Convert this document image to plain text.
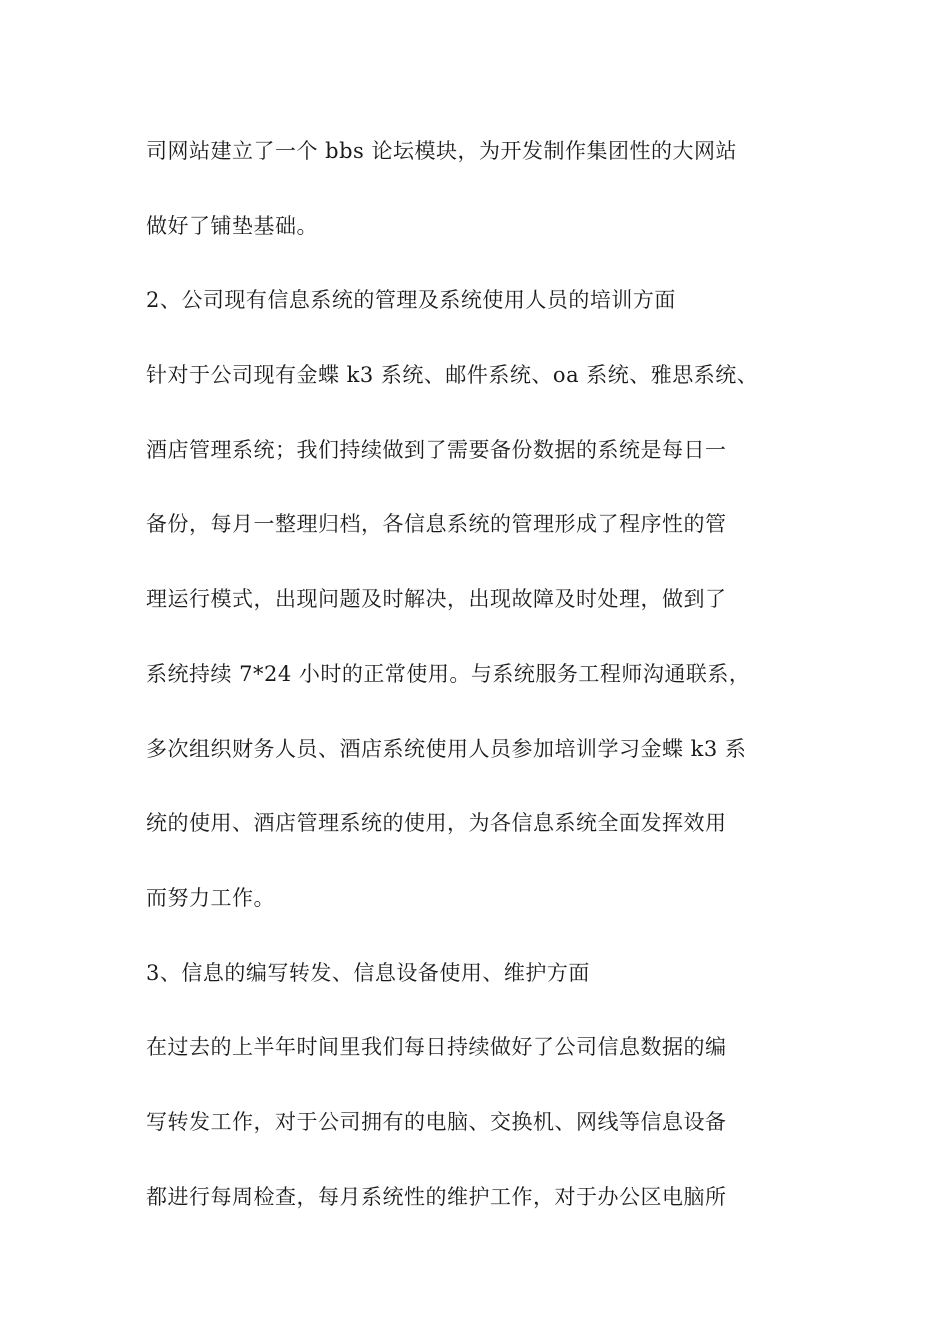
司网站建立了一个 bbs 论坛模块，为开发制作集团性的大网站
做好了铺垫基础。
2、公司现有信息系统的管理及系统使用人员的培训方面
针对于公司现有金蝶 k3 系统、邮件系统、oa 系统、雅思系统、
酒店管理系统；我们持续做到了需要备份数据的系统是每日一
备份，每月一整理归档，各信息系统的管理形成了程序性的管
理运行模式，出现问题及时解决，出现故障及时处理，做到了
系统持续 7*24 小时的正常使用。与系统服务工程师沟通联系，
多次组织财务人员、酒店系统使用人员参加培训学习金蝶 k3 系
统的使用、酒店管理系统的使用，为各信息系统全面发挥效用
而努力工作。
3、信息的编写转发、信息设备使用、维护方面
在过去的上半年时间里我们每日持续做好了公司信息数据的编
写转发工作，对于公司拥有的电脑、交换机、网线等信息设备
都进行每周检查，每月系统性的维护工作，对于办公区电脑所
